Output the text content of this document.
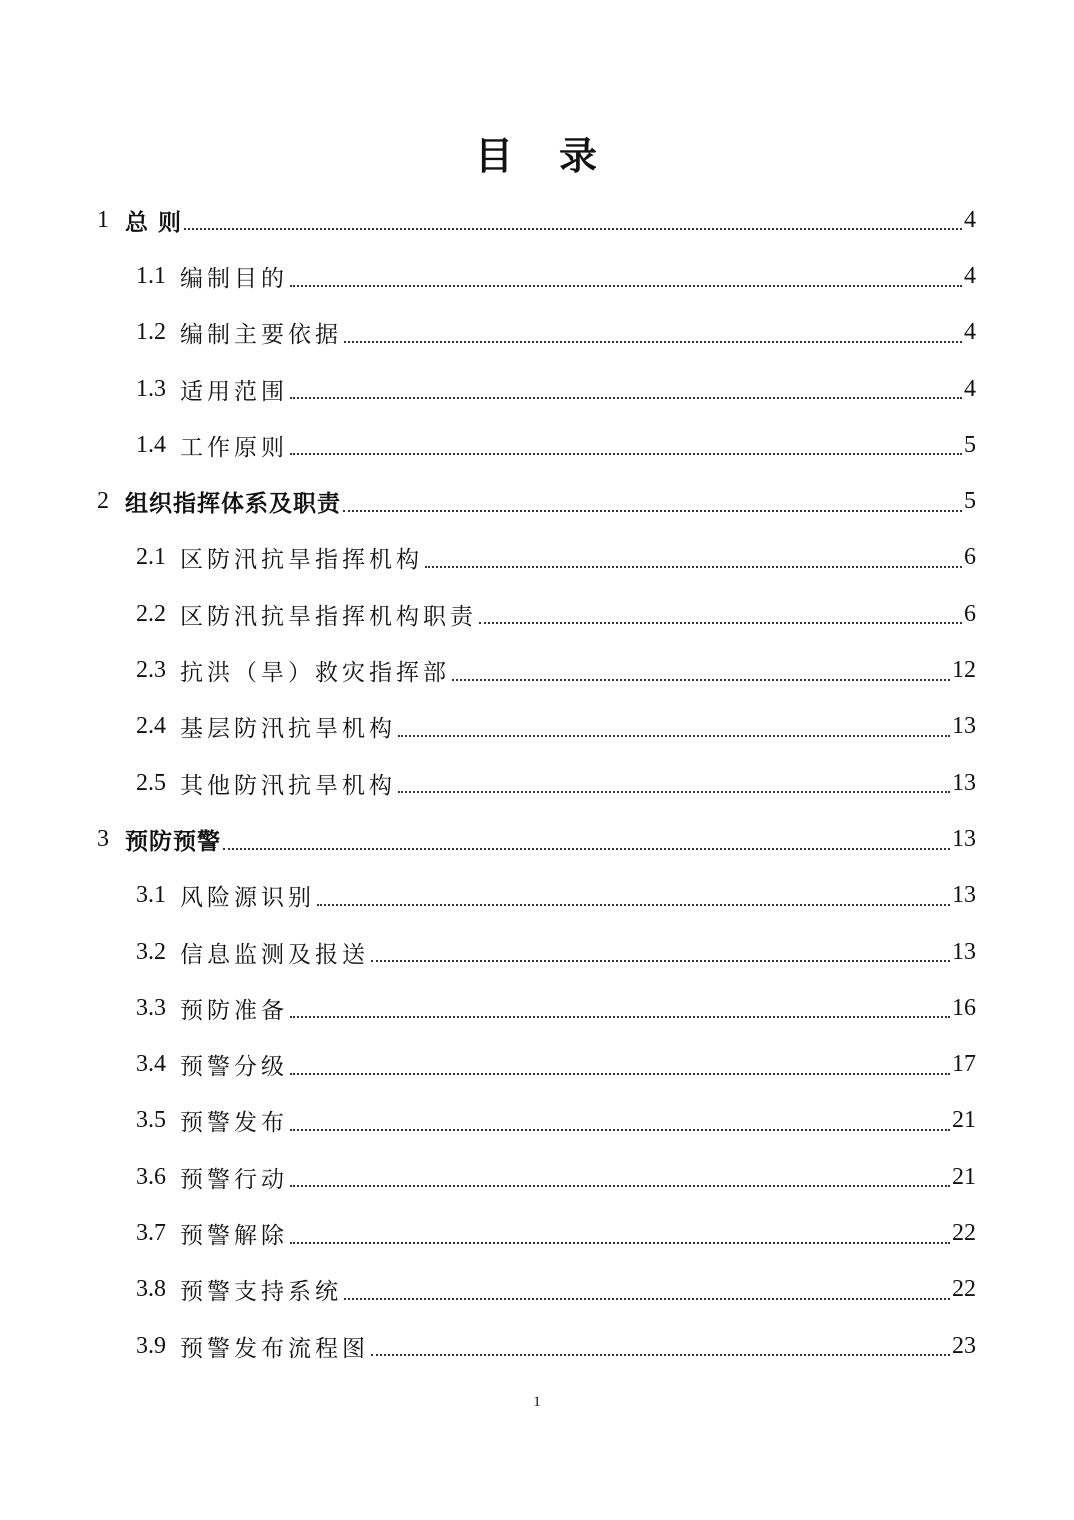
目 录
1 总 则	4
1.1 编制目的	4
1.2 编制主要依据	4
1.3 适用范围	4
1.4 工作原则	5
2 组织指挥体系及职责	5
2.1 区防汛抗旱指挥机构	6
2.2 区防汛抗旱指挥机构职责	6
2.3 抗洪（旱）救灾指挥部	12
2.4 基层防汛抗旱机构	13
2.5 其他防汛抗旱机构	13
3 预防预警	13
3.1 风险源识别	13
3.2 信息监测及报送	13
3.3 预防准备	16
3.4 预警分级	17
3.5 预警发布	21
3.6 预警行动	21
3.7 预警解除	22
3.8 预警支持系统	22
3.9 预警发布流程图	23
1
